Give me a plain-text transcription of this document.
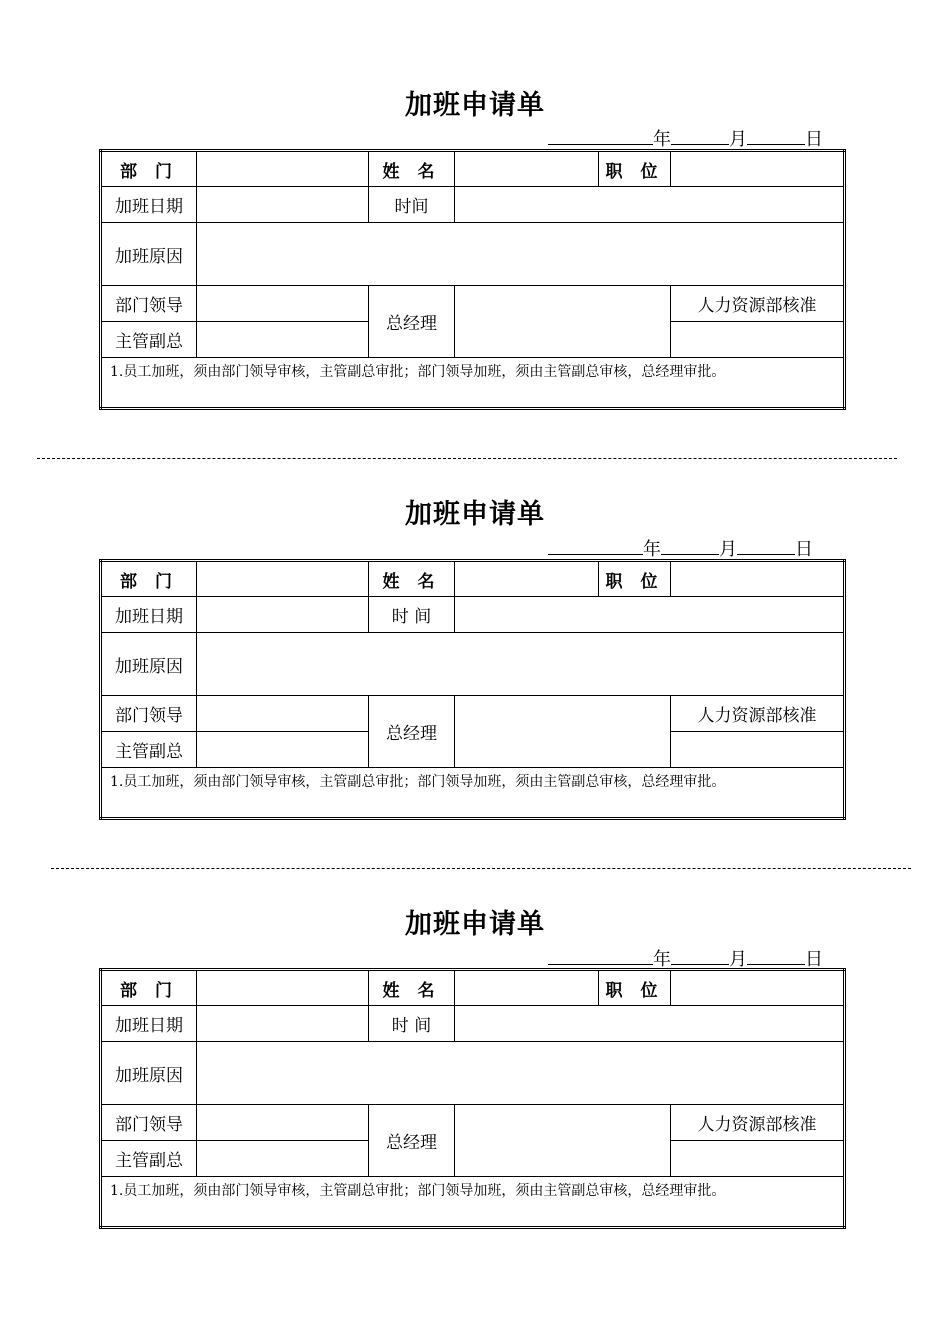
加班申请单
年	月	日
部 门		姓 名		职 位	
加班日期		时间			
加班原因					
部门领导		总经理			人力资源部核准
主管副总					
1.员工加班，须由部门领导审核，主管副总审批；部门领导加班，须由主管副总审核，总经理审批。					
加班申请单
年	月	日
部 门		姓 名		职 位	
加班日期		时 间			
加班原因					
部门领导		总经理			人力资源部核准
主管副总					
1.员工加班，须由部门领导审核，主管副总审批；部门领导加班，须由主管副总审核，总经理审批。					
加班申请单
年	月	日
部 门		姓 名		职 位	
加班日期		时 间			
加班原因					
部门领导		总经理			人力资源部核准
主管副总					
1.员工加班，须由部门领导审核，主管副总审批；部门领导加班，须由主管副总审核，总经理审批。					
